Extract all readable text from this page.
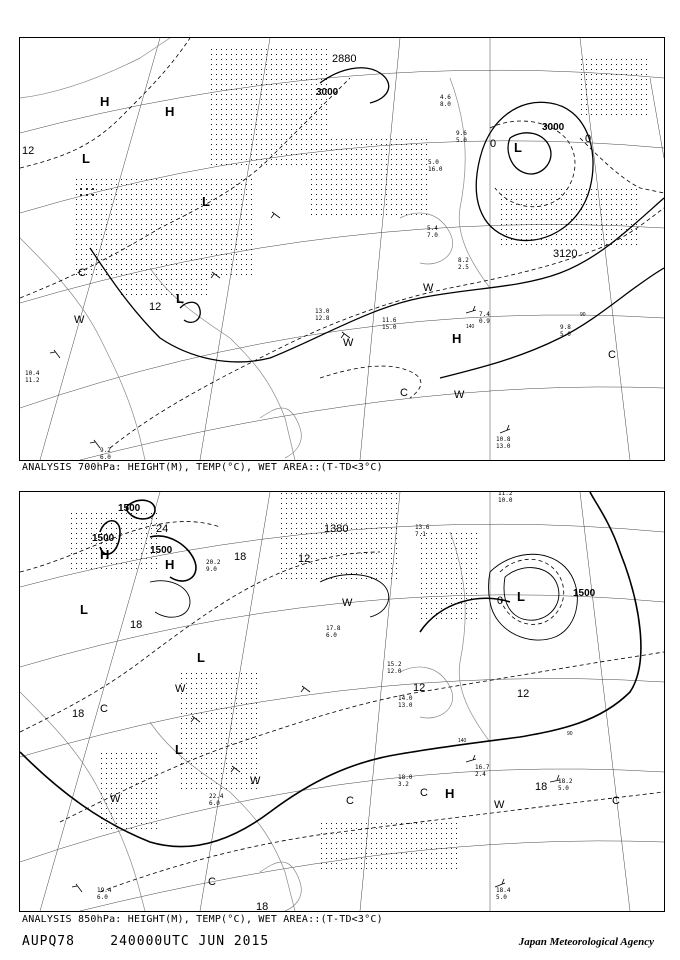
140
90
H
H
L
L
L
L
H
3000
3000
2880
3120
12
12
0	0
C
C
C
W
W
W
W
10.8
13.0
7.4
0.9
9.8
5.0
11.6
15.0
13.0
12.8
5.4
7.0
8.2
2.5
5.0
16.0
9.6
5.0
10.4
11.2
9.2
6.0
4.6
8.0
ANALYSIS 700hPa: HEIGHT(M), TEMP(°C), WET AREA::(T-TD<3°C)
140
90
H
H
L
L
L
L
H
1500
1500
1500
1500
1380
24
18	12
12
18
18
12
0
18
18
W
W
W
C
C
W	C
C
C
W
18.2
5.0
16.7
2.4
18.0
3.2
15.2
12.0
14.0
13.0
19.4
6.0
18.4
5.0
22.4
6.0
17.8
6.0
11.2
10.0
13.6
7.1
20.2
9.0
ANALYSIS 850hPa: HEIGHT(M), TEMP(°C), WET AREA::(T-TD<3°C)
AUPQ78	240000UTC JUN 2015	Japan Meteorological Agency
